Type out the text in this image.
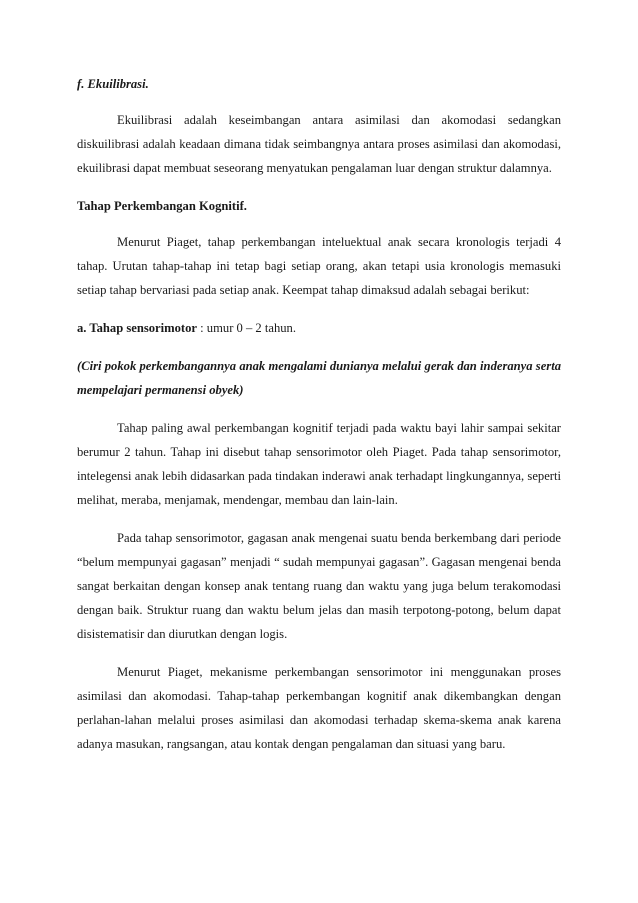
f. Ekuilibrasi.

Ekuilibrasi adalah keseimbangan antara asimilasi dan akomodasi sedangkan diskuilibrasi adalah keadaan dimana tidak seimbangnya antara proses asimilasi dan akomodasi, ekuilibrasi dapat membuat seseorang menyatukan pengalaman luar dengan struktur dalamnya.

Tahap Perkembangan Kognitif.

Menurut Piaget, tahap perkembangan inteluektual anak secara kronologis terjadi 4 tahap. Urutan tahap-tahap ini tetap bagi setiap orang, akan tetapi usia kronologis memasuki setiap tahap bervariasi pada setiap anak. Keempat tahap dimaksud adalah sebagai berikut:

a. Tahap sensorimotor : umur 0 – 2 tahun.

(Ciri pokok perkembangannya anak mengalami dunianya melalui gerak dan inderanya serta mempelajari permanensi obyek)

Tahap paling awal perkembangan kognitif terjadi pada waktu bayi lahir sampai sekitar berumur 2 tahun. Tahap ini disebut tahap sensorimotor oleh Piaget. Pada tahap sensorimotor, intelegensi anak lebih didasarkan pada tindakan inderawi anak terhadapt lingkungannya, seperti melihat, meraba, menjamak, mendengar, membau dan lain-lain.

Pada tahap sensorimotor, gagasan anak mengenai suatu benda berkembang dari periode “belum mempunyai gagasan” menjadi “ sudah mempunyai gagasan”. Gagasan mengenai benda sangat berkaitan dengan konsep anak tentang ruang dan waktu yang juga belum terakomodasi dengan baik. Struktur ruang dan waktu belum jelas dan masih terpotong-potong, belum dapat disistematisir dan diurutkan dengan logis.

Menurut Piaget, mekanisme perkembangan sensorimotor ini menggunakan proses asimilasi dan akomodasi. Tahap-tahap perkembangan kognitif anak dikembangkan dengan perlahan-lahan melalui proses asimilasi dan akomodasi terhadap skema-skema anak karena adanya masukan, rangsangan, atau kontak dengan pengalaman dan situasi yang baru.
